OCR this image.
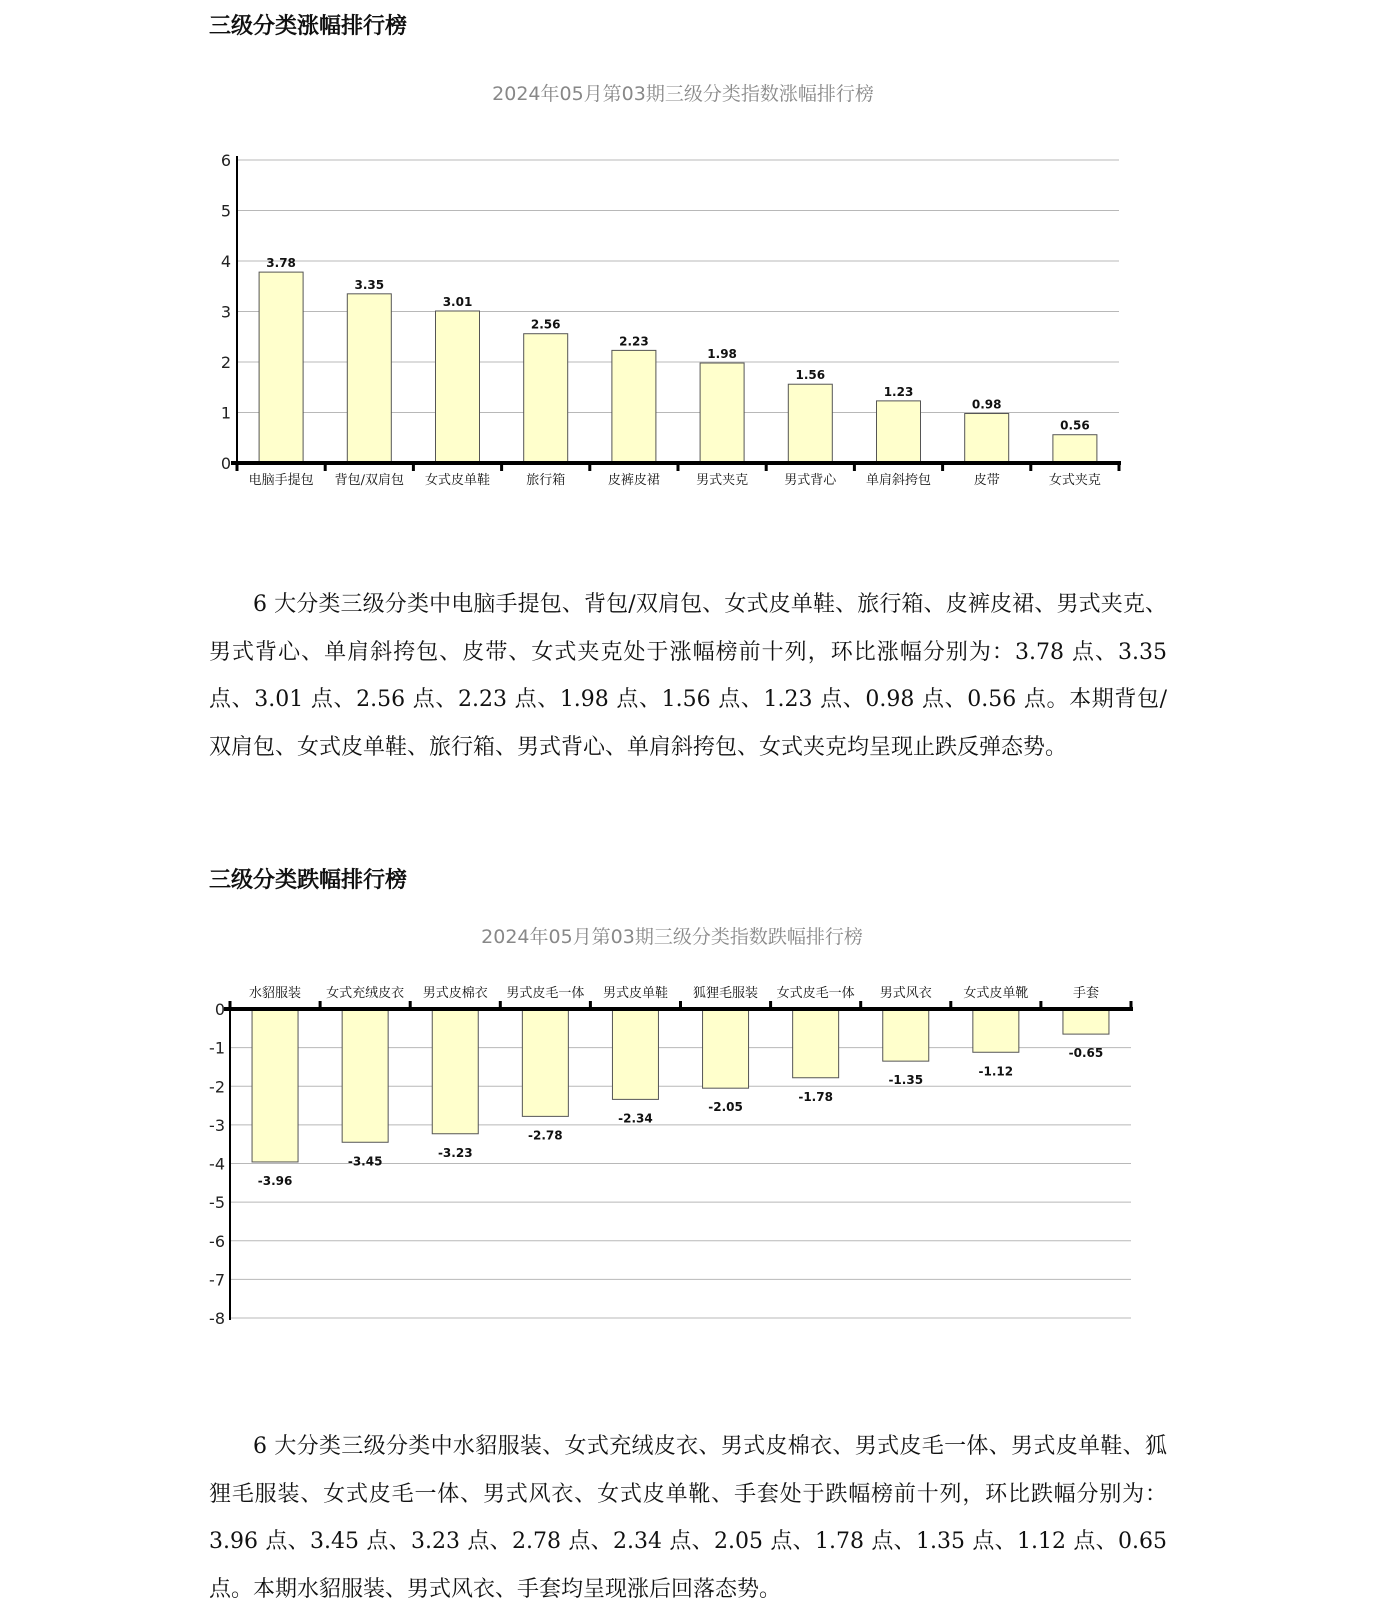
三级分类涨幅排行榜
2024年05月第03期三级分类指数涨幅排行榜
0
1
2
3
4
5
6
3.78
电脑手提包
3.35
背包/双肩包
3.01
女式皮单鞋
2.56
旅行箱
2.23
皮裤皮裙
1.98
男式夹克
1.56
男式背心
1.23
单肩斜挎包
0.98
皮带
0.56
女式夹克

6 大分类三级分类中电脑手提包、背包/双肩包、女式皮单鞋、旅行箱、皮裤皮裙、男式夹克、男式背心、单肩斜挎包、皮带、女式夹克处于涨幅榜前十列，环比涨幅分别为：3.78 点、3.35 点、3.01 点、2.56 点、2.23 点、1.98 点、1.56 点、1.23 点、0.98 点、0.56 点。本期背包/双肩包、女式皮单鞋、旅行箱、男式背心、单肩斜挎包、女式夹克均呈现止跌反弹态势。

三级分类跌幅排行榜
2024年05月第03期三级分类指数跌幅排行榜
0
-1
-2
-3
-4
-5
-6
-7
-8
-3.96
水貂服装
-3.45
女式充绒皮衣
-3.23
男式皮棉衣
-2.78
男式皮毛一体
-2.34
男式皮单鞋
-2.05
狐狸毛服装
-1.78
女式皮毛一体
-1.35
男式风衣
-1.12
女式皮单靴
-0.65
手套

6 大分类三级分类中水貂服装、女式充绒皮衣、男式皮棉衣、男式皮毛一体、男式皮单鞋、狐狸毛服装、女式皮毛一体、男式风衣、女式皮单靴、手套处于跌幅榜前十列，环比跌幅分别为：3.96 点、3.45 点、3.23 点、2.78 点、2.34 点、2.05 点、1.78 点、1.35 点、1.12 点、0.65 点。本期水貂服装、男式风衣、手套均呈现涨后回落态势。
